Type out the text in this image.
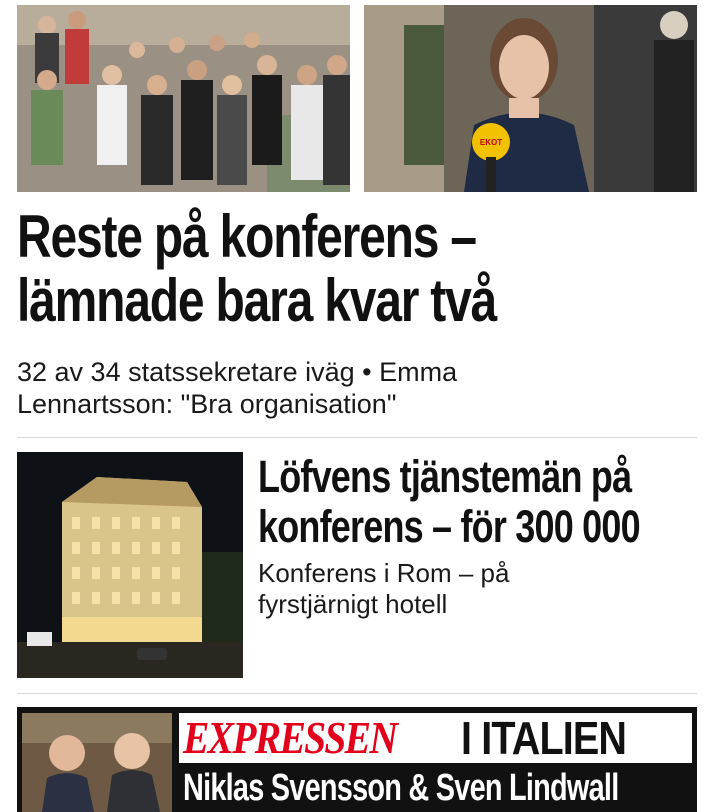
EKOT
Reste på konferens –
lämnade bara kvar två
32 av 34 statssekretare iväg • Emma
Lennartsson: "Bra organisation"
Löfvens tjänstemän på
konferens – för 300 000
Konferens i Rom – på
fyrstjärnigt hotell
EXPRESSEN I ITALIEN
Niklas Svensson & Sven Lindwall
